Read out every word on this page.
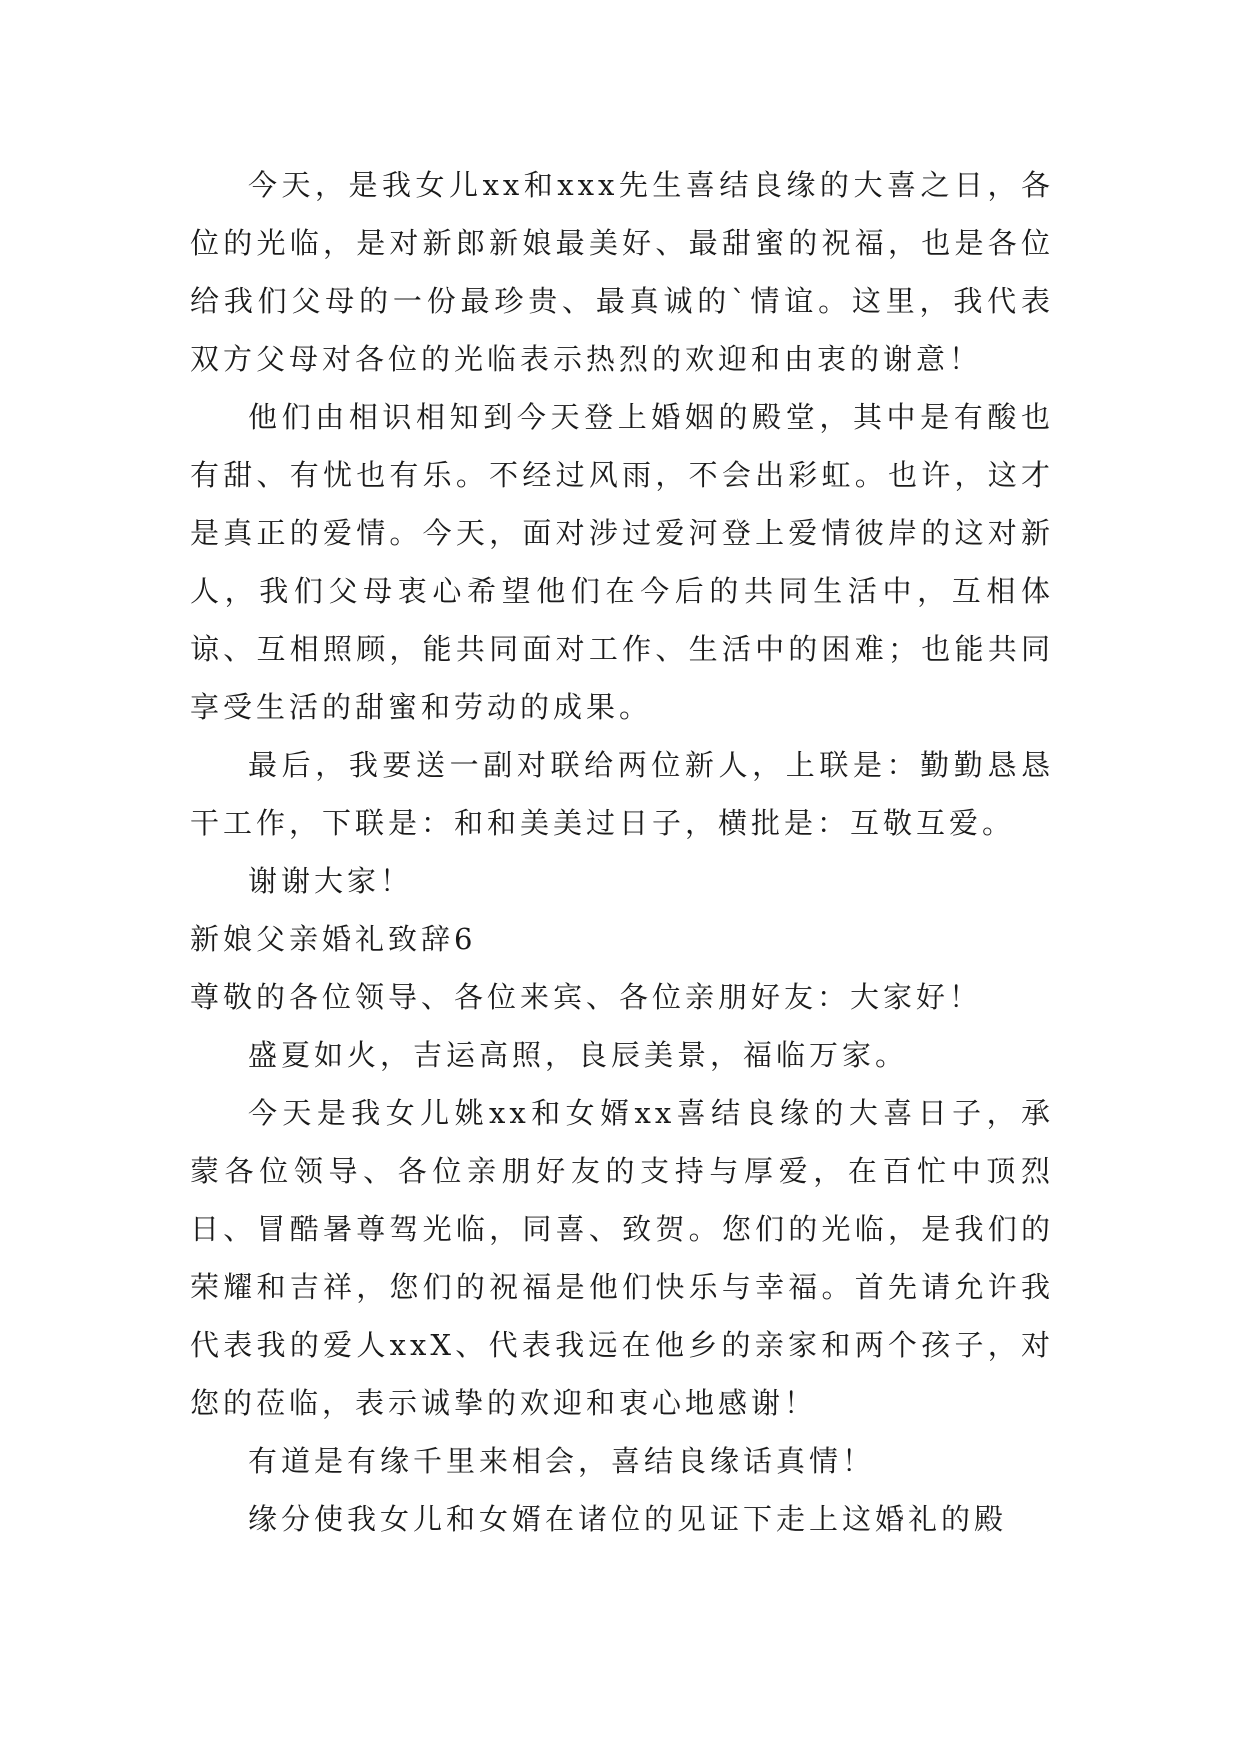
今天，是我女儿xx和xxx先生喜结良缘的大喜之日，各位的光临，是对新郎新娘最美好、最甜蜜的祝福，也是各位给我们父母的一份最珍贵、最真诚的`情谊。这里，我代表双方父母对各位的光临表示热烈的欢迎和由衷的谢意！

他们由相识相知到今天登上婚姻的殿堂，其中是有酸也有甜、有忧也有乐。不经过风雨，不会出彩虹。也许，这才是真正的爱情。今天，面对涉过爱河登上爱情彼岸的这对新人，我们父母衷心希望他们在今后的共同生活中，互相体谅、互相照顾，能共同面对工作、生活中的困难；也能共同享受生活的甜蜜和劳动的成果。

最后，我要送一副对联给两位新人，上联是：勤勤恳恳干工作，下联是：和和美美过日子，横批是：互敬互爱。

谢谢大家！

新娘父亲婚礼致辞6

尊敬的各位领导、各位来宾、各位亲朋好友：大家好！

盛夏如火，吉运高照，良辰美景，福临万家。

今天是我女儿姚xx和女婿xx喜结良缘的大喜日子，承蒙各位领导、各位亲朋好友的支持与厚爱，在百忙中顶烈日、冒酷暑尊驾光临，同喜、致贺。您们的光临，是我们的荣耀和吉祥，您们的祝福是他们快乐与幸福。首先请允许我代表我的爱人xxX、代表我远在他乡的亲家和两个孩子，对您的莅临，表示诚挚的欢迎和衷心地感谢！

有道是有缘千里来相会，喜结良缘话真情！

缘分使我女儿和女婿在诸位的见证下走上这婚礼的殿
